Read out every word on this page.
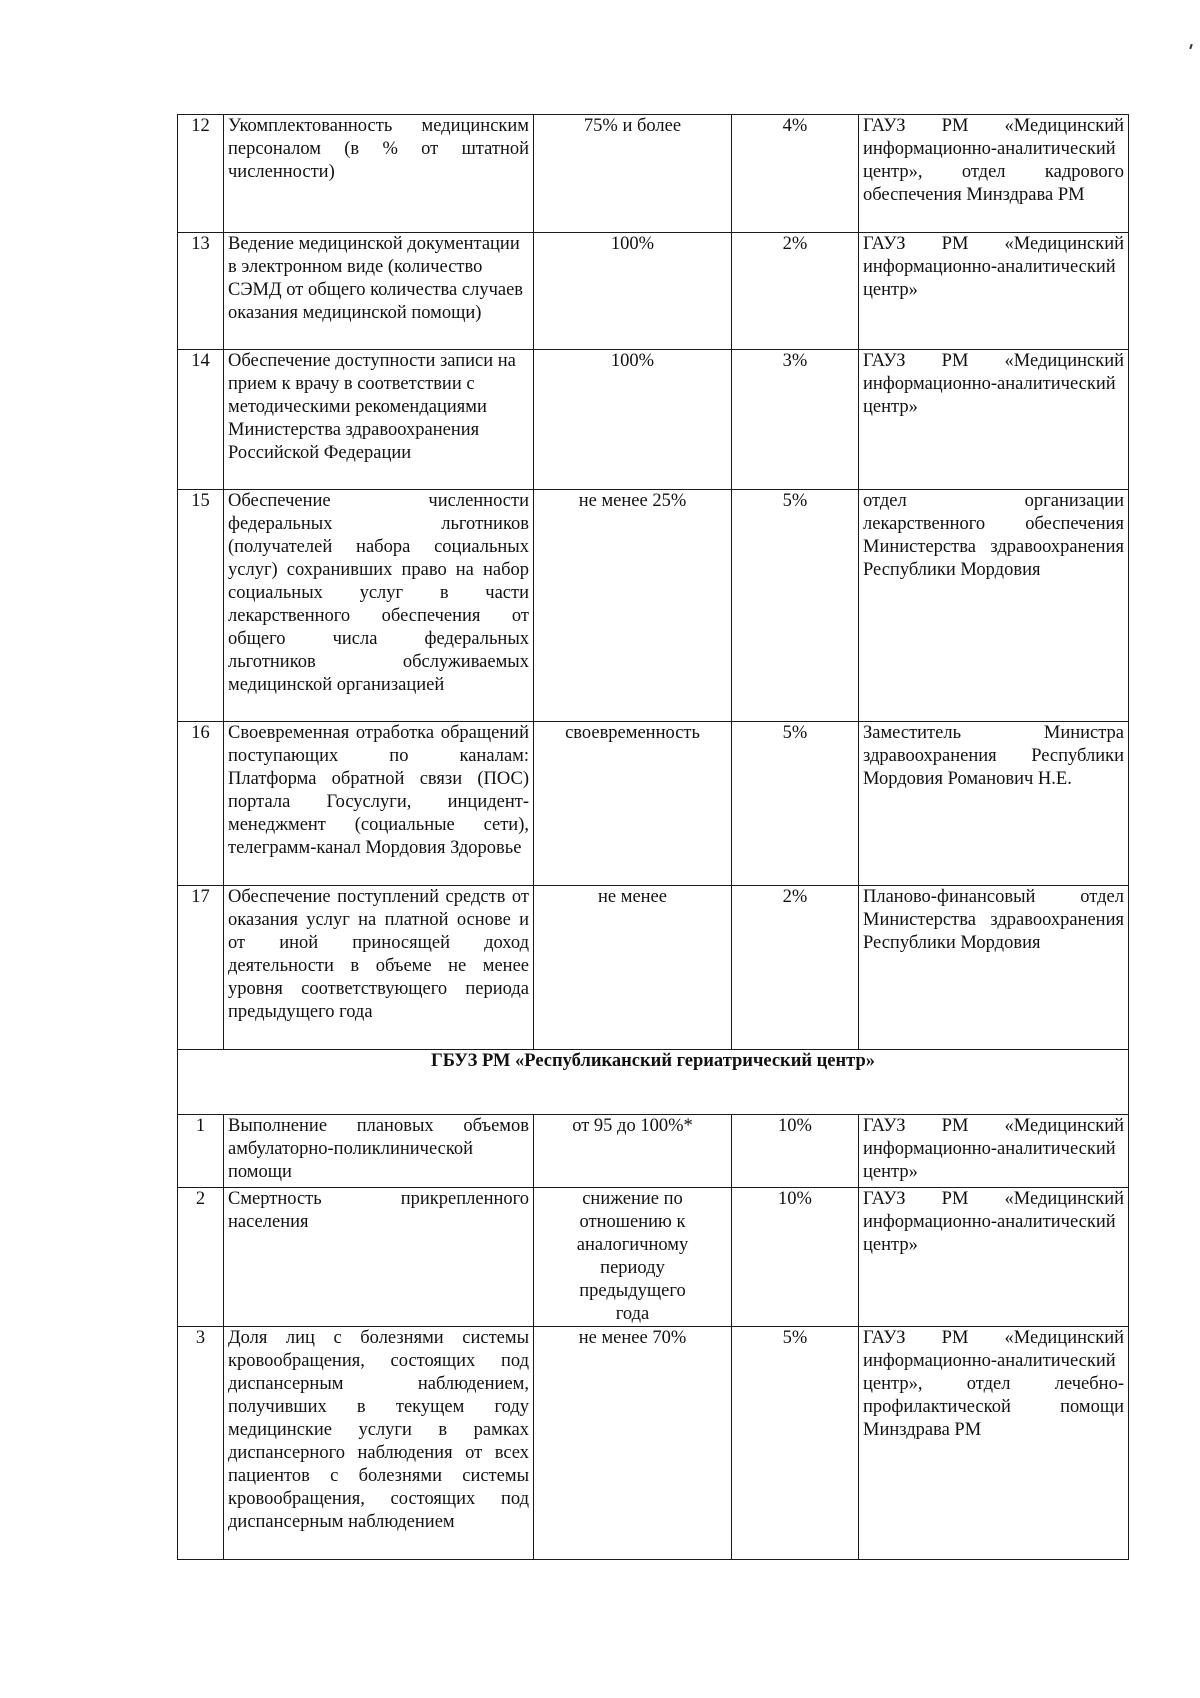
12	Укомплектованность медицинским персоналом (в % от штатной численности)	75% и более	4%	ГАУЗ РМ «Медицинский информационно-аналитический центр», отдел кадрового обеспечения Минздрава РМ
13	Ведение медицинской документации в электронном виде (количество СЭМД от общего количества случаев оказания медицинской помощи)	100%	2%	ГАУЗ РМ «Медицинский информационно-аналитический центр»
14	Обеспечение доступности записи на прием к врачу в соответствии с методическими рекомендациями Министерства здравоохранения Российской Федерации	100%	3%	ГАУЗ РМ «Медицинский информационно-аналитический центр»
15	Обеспечение численности федеральных льготников (получателей набора социальных услуг) сохранивших право на набор социальных услуг в части лекарственного обеспечения от общего числа федеральных льготников обслуживаемых медицинской организацией	не менее 25%	5%	отдел организации лекарственного обеспечения Министерства здравоохранения Республики Мордовия
16	Своевременная отработка обращений поступающих по каналам: Платформа обратной связи (ПОС) портала Госуслуги, инцидент-менеджмент (социальные сети), телеграмм-канал Мордовия Здоровье	своевременность	5%	Заместитель Министра здравоохранения Республики Мордовия Романович Н.Е.
17	Обеспечение поступлений средств от оказания услуг на платной основе и от иной приносящей доход деятельности в объеме не менее уровня соответствующего периода предыдущего года	не менее	2%	Планово-финансовый отдел Министерства здравоохранения Республики Мордовия
ГБУЗ РМ «Республиканский гериатрический центр»				
1	Выполнение плановых объемов амбулаторно-поликлинической помощи	от 95 до 100%*	10%	ГАУЗ РМ «Медицинский информационно-аналитический центр»
2	Смертность прикрепленного населения	снижение по отношению к аналогичному периоду предыдущего года	10%	ГАУЗ РМ «Медицинский информационно-аналитический центр»
3	Доля лиц с болезнями системы кровообращения, состоящих под диспансерным наблюдением, получивших в текущем году медицинские услуги в рамках диспансерного наблюдения от всех пациентов с болезнями системы кровообращения, состоящих под диспансерным наблюдением	не менее 70%	5%	ГАУЗ РМ «Медицинский информационно-аналитический центр», отдел лечебно-профилактической помощи Минздрава РМ
